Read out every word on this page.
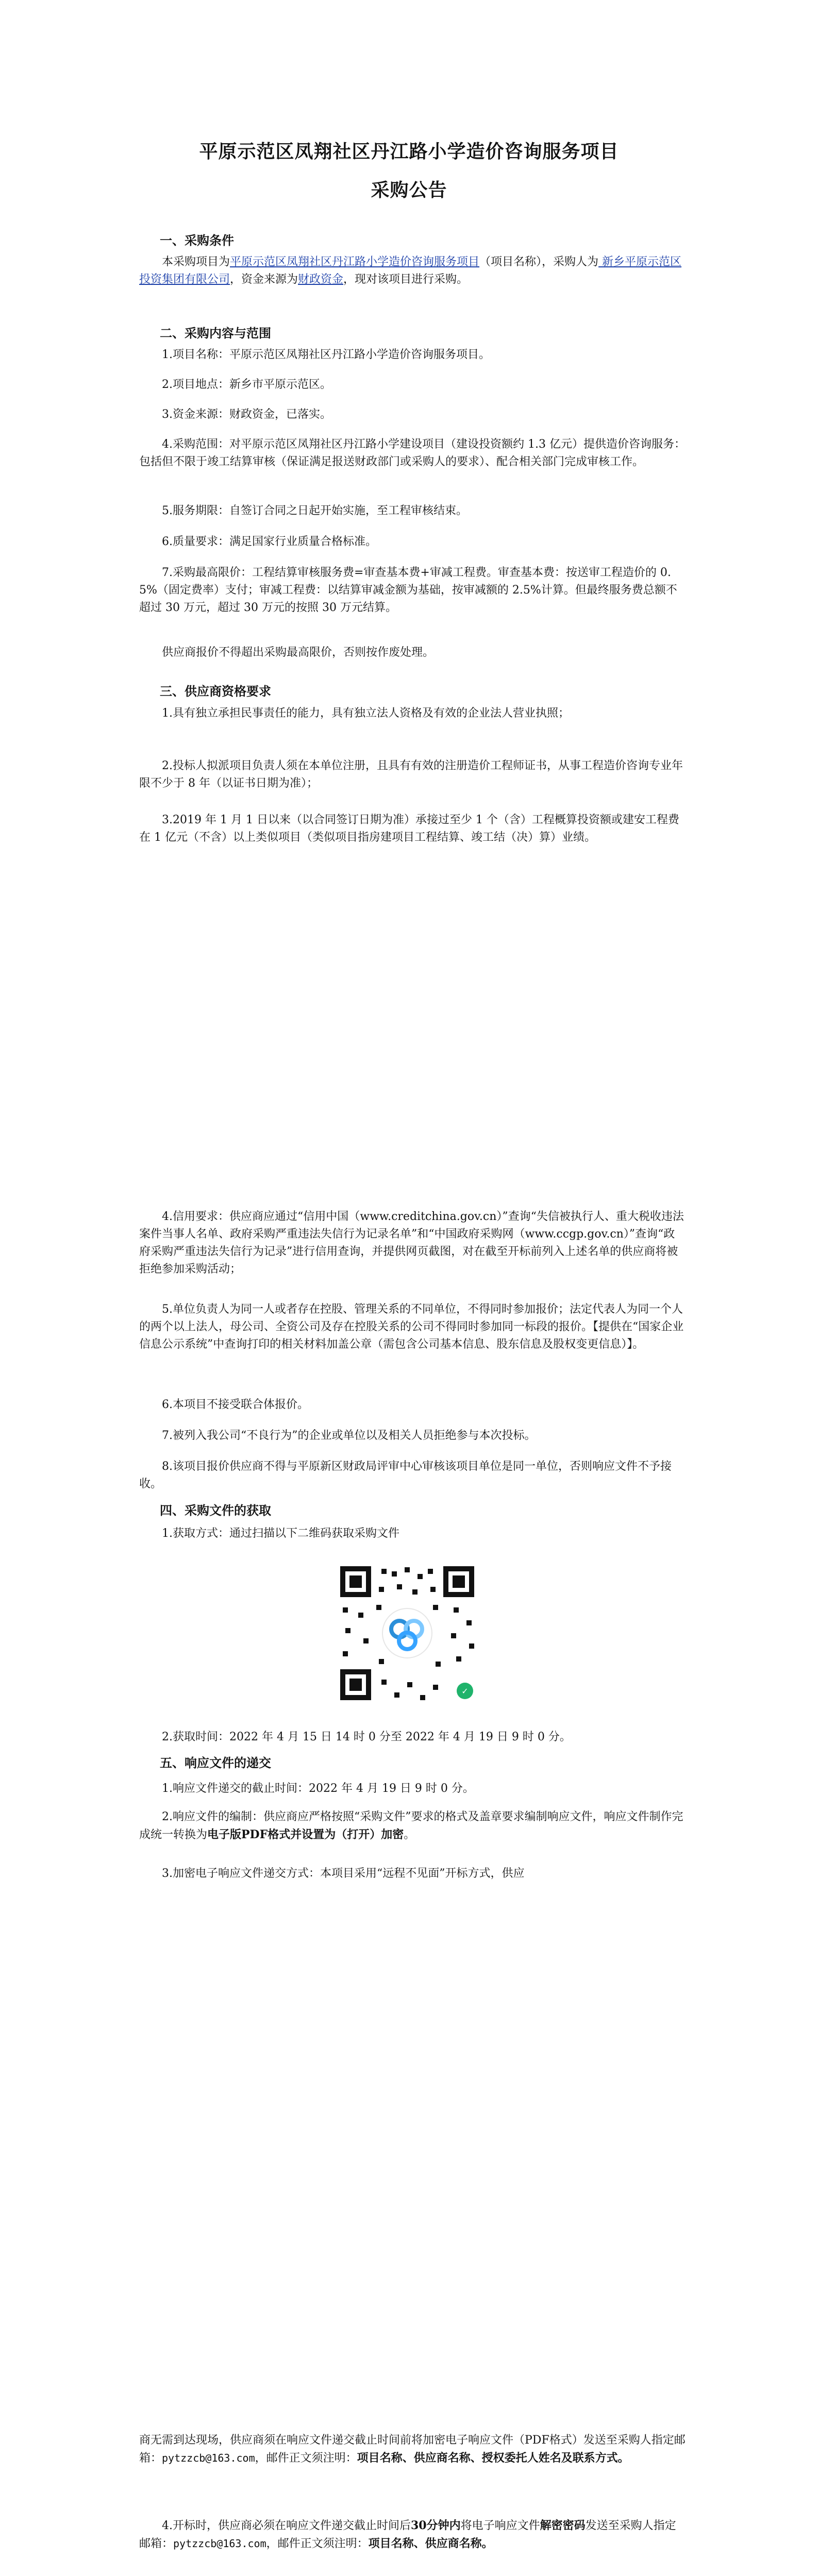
平原示范区凤翔社区丹江路小学造价咨询服务项目
采购公告
一、采购条件

本采购项目为平原示范区凤翔社区丹江路小学造价咨询服务项目（项目名称），采购人为 新乡平原示范区投资集团有限公司，资金来源为财政资金，现对该项目进行采购。

二、采购内容与范围

1.项目名称：平原示范区凤翔社区丹江路小学造价咨询服务项目。

2.项目地点：新乡市平原示范区。

3.资金来源：财政资金，已落实。

4.采购范围：对平原示范区凤翔社区丹江路小学建设项目（建设投资额约 1.3 亿元）提供造价咨询服务：包括但不限于竣工结算审核（保证满足报送财政部门或采购人的要求）、配合相关部门完成审核工作。

5.服务期限：自签订合同之日起开始实施，至工程审核结束。

6.质量要求：满足国家行业质量合格标准。

7.采购最高限价：工程结算审核服务费=审查基本费+审减工程费。审查基本费：按送审工程造价的 0.5%（固定费率）支付；审减工程费：以结算审减金额为基础，按审减额的 2.5%计算。但最终服务费总额不超过 30 万元，超过 30 万元的按照 30 万元结算。

供应商报价不得超出采购最高限价，否则按作废处理。

三、供应商资格要求

1.具有独立承担民事责任的能力，具有独立法人资格及有效的企业法人营业执照；

2.投标人拟派项目负责人须在本单位注册，且具有有效的注册造价工程师证书，从事工程造价咨询专业年限不少于 8 年（以证书日期为准）；

3.2019 年 1 月 1 日以来（以合同签订日期为准）承接过至少 1 个（含）工程概算投资额或建安工程费在 1 亿元（不含）以上类似项目（类似项目指房建项目工程结算、竣工结（决）算）业绩。

4.信用要求：供应商应通过“信用中国（www.creditchina.gov.cn）”查询“失信被执行人、重大税收违法案件当事人名单、政府采购严重违法失信行为记录名单”和“中国政府采购网（www.ccgp.gov.cn）”查询“政府采购严重违法失信行为记录”进行信用查询，并提供网页截图，对在截至开标前列入上述名单的供应商将被拒绝参加采购活动；

5.单位负责人为同一人或者存在控股、管理关系的不同单位，不得同时参加报价；法定代表人为同一个人的两个以上法人，母公司、全资公司及存在控股关系的公司不得同时参加同一标段的报价。【提供在“国家企业信息公示系统”中查询打印的相关材料加盖公章（需包含公司基本信息、股东信息及股权变更信息）】。

6.本项目不接受联合体报价。

7.被列入我公司“不良行为”的企业或单位以及相关人员拒绝参与本次投标。

8.该项目报价供应商不得与平原新区财政局评审中心审核该项目单位是同一单位，否则响应文件不予接收。

四、采购文件的获取

1.获取方式：通过扫描以下二维码获取采购文件

✓

2.获取时间：2022 年 4 月 15 日 14 时 0 分至 2022 年 4 月 19 日 9 时 0 分。

五、响应文件的递交

1.响应文件递交的截止时间：2022 年 4 月 19 日 9 时 0 分。

2.响应文件的编制：供应商应严格按照“采购文件”要求的格式及盖章要求编制响应文件，响应文件制作完成统一转换为电子版PDF格式并设置为（打开）加密。

3.加密电子响应文件递交方式：本项目采用“远程不见面”开标方式，供应

商无需到达现场，供应商须在响应文件递交截止时间前将加密电子响应文件（PDF格式）发送至采购人指定邮箱：pytzzcb@163.com，邮件正文须注明：项目名称、供应商名称、授权委托人姓名及联系方式。

4.开标时，供应商必须在响应文件递交截止时间后30分钟内将电子响应文件解密密码发送至采购人指定邮箱：pytzzcb@163.com，邮件正文须注明：项目名称、供应商名称。
